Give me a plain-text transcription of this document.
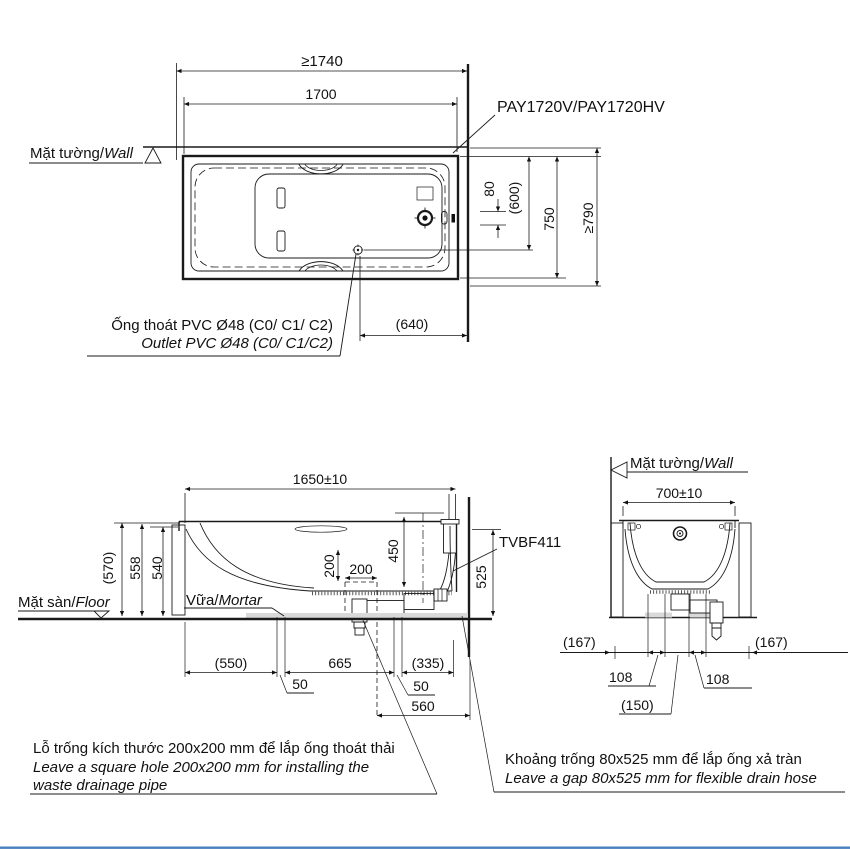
Mặt tường/Wall
PAY1720V/PAY1720HV
≥1740
1700
80 (600)
750 ≥790
(640)
Ống thoát PVC Ø48 (C0/ C1/ C2)
Outlet PVC Ø48 (C0/ C1/C2)
1650±10
(570) 558 540	200 200
450	TVBF411
525
Mặt sàn/Floor	Vữa/Mortar
(550)	665	(335)
50	50
560
Mặt tường/Wall
700±10
(167)	(167)
108	108
(150)
Lỗ trống kích thước 200x200 mm để lắp ống thoát thải
Leave a square hole 200x200 mm for installing the
waste drainage pipe
Khoảng trống 80x525 mm để lắp ống xả tràn
Leave a gap 80x525 mm for flexible drain hose
